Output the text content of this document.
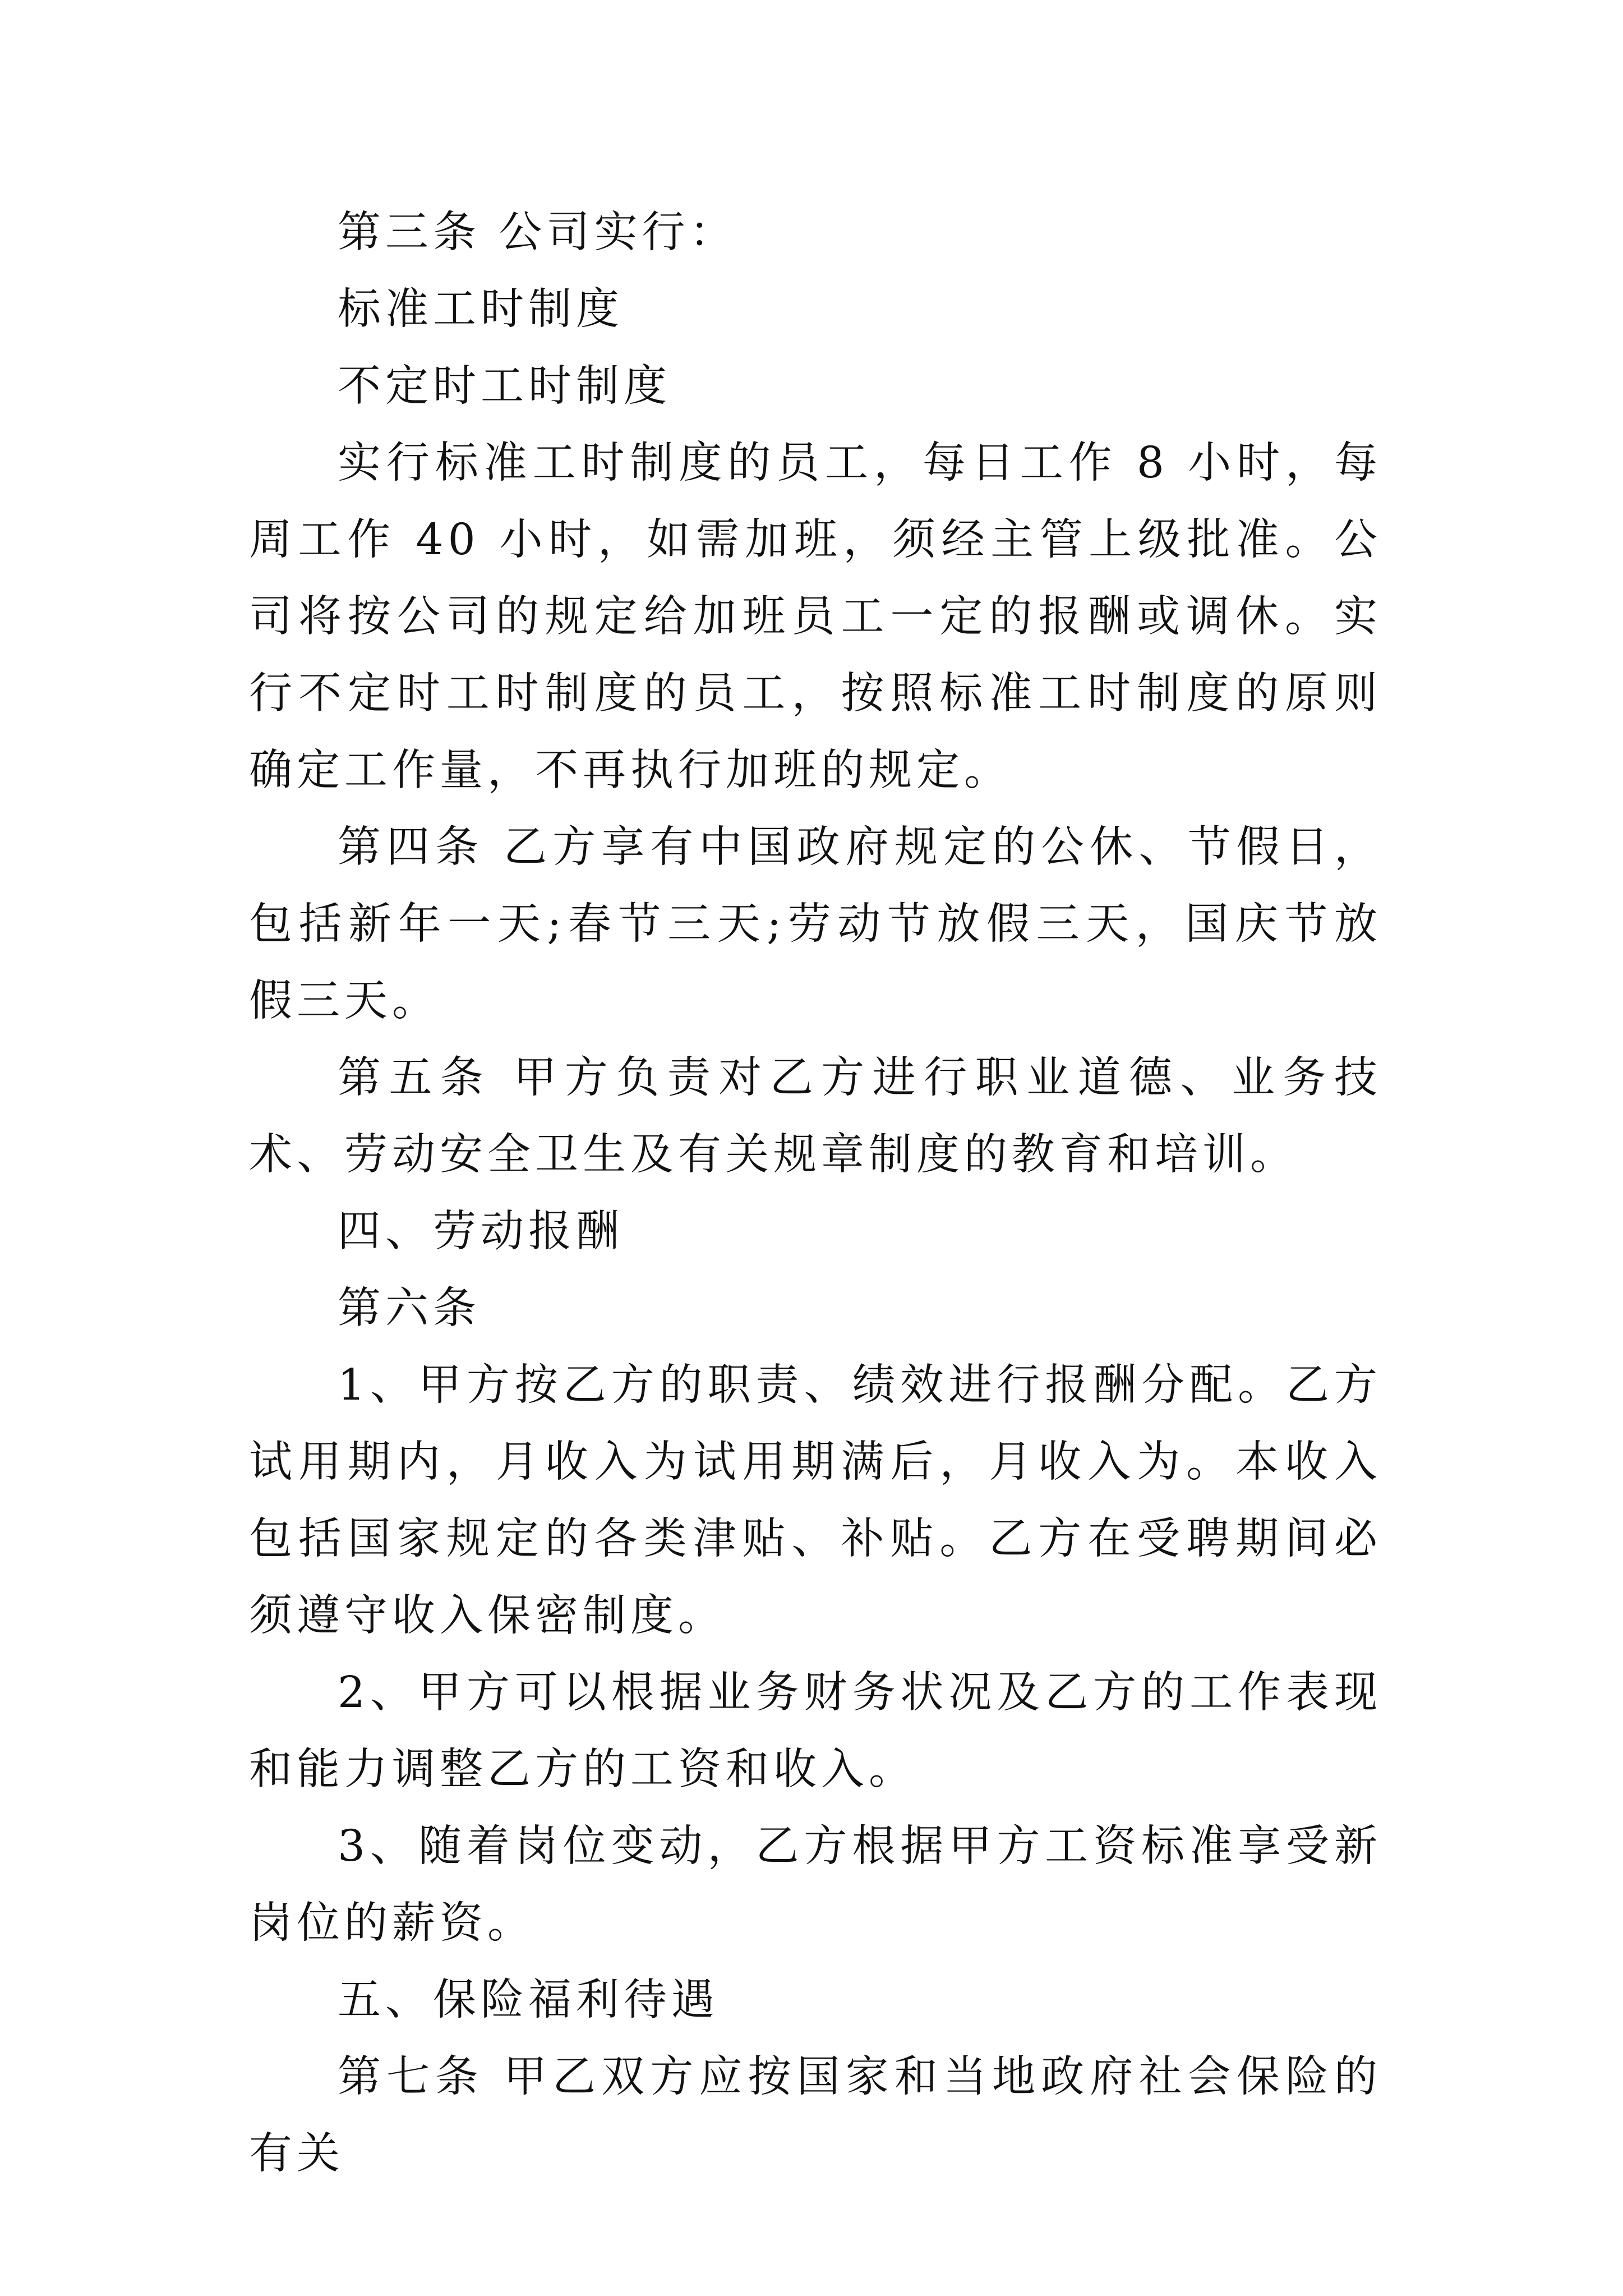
第三条 公司实行：

标准工时制度

不定时工时制度

实行标准工时制度的员工，每日工作 8 小时，每周工作 40 小时，如需加班，须经主管上级批准。公司将按公司的规定给加班员工一定的报酬或调休。实行不定时工时制度的员工，按照标准工时制度的原则确定工作量，不再执行加班的规定。

第四条 乙方享有中国政府规定的公休、节假日，包括新年一天;春节三天;劳动节放假三天，国庆节放假三天。

第五条 甲方负责对乙方进行职业道德、业务技术、劳动安全卫生及有关规章制度的教育和培训。

四、劳动报酬

第六条

1、甲方按乙方的职责、绩效进行报酬分配。乙方试用期内，月收入为试用期满后，月收入为。本收入包括国家规定的各类津贴、补贴。乙方在受聘期间必须遵守收入保密制度。

2、甲方可以根据业务财务状况及乙方的工作表现和能力调整乙方的工资和收入。

3、随着岗位变动，乙方根据甲方工资标准享受新岗位的薪资。

五、保险福利待遇

第七条 甲乙双方应按国家和当地政府社会保险的有关
